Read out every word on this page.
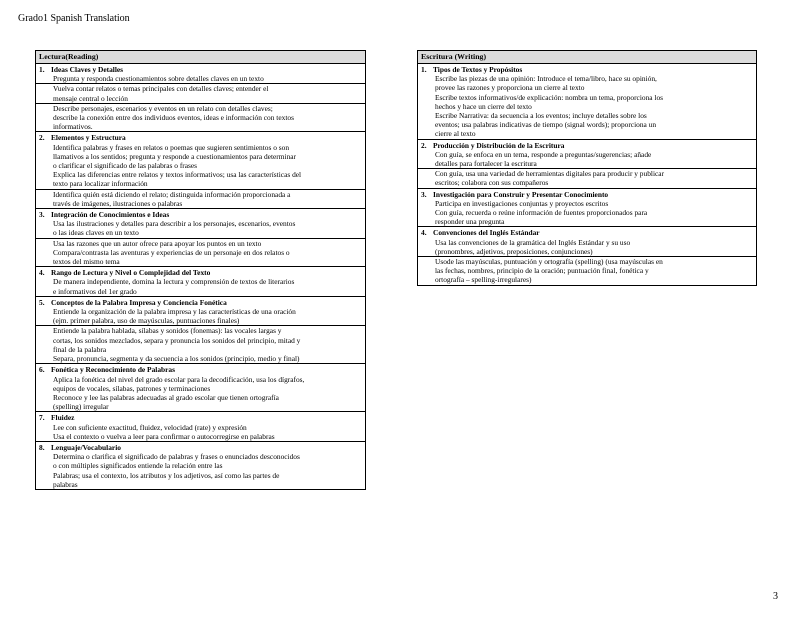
Grado1 Spanish Translation
Lectura(Reading)
1. Ideas Claves y Detalles

Pregunta y responda cuestionamientos sobre detalles claves en un texto

Vuelva contar relatos o temas principales con detalles claves; entender el
mensaje central o lección

Describe personajes, escenarios y eventos en un relato con detalles claves;
describe la conexión entre dos individuos eventos, ideas e información con textos
informativos.

2. Elementos y Estructura

Identifica palabras y frases en relatos o poemas que sugieren sentimientos o son
llamativos a los sentidos; pregunta y responde a cuestionamientos para determinar
o clarificar el significado de las palabras o frases
Explica las diferencias entre relatos y textos informativos; usa las características del
texto para localizar información

Identifica quién está diciendo el relato; distinguida información proporcionada a
través de imágenes, ilustraciones o palabras

3. Integración de Conocimientos e Ideas

Usa las ilustraciones y detalles para describir a los personajes, escenarios, eventos
o las ideas claves en un texto

Usa las razones que un autor ofrece para apoyar los puntos en un texto
Compara/contrasta las aventuras y experiencias de un personaje en dos relatos o
textos del mismo tema

4. Rango de Lectura y Nivel o Complejidad del Texto

De manera independiente, domina la lectura y comprensión de textos de literarios
e informativos del 1er grado

5. Conceptos de la Palabra Impresa y Conciencia Fonética

Entiende la organización de la palabra impresa y las características de una oración
(ejm. primer palabra, uso de mayúsculas, puntuaciones finales)

Entiende la palabra hablada, sílabas y sonidos (fonemas): las vocales largas y
cortas, los sonidos mezclados, separa y pronuncia los sonidos del principio, mitad y
final de la palabra
Separa, pronuncia, segmenta y da secuencia a los sonidos (principio, medio y final)

6. Fonética y Reconocimiento de Palabras

Aplica la fonética del nivel del grado escolar para la decodificación, usa los dígrafos,
equipos de vocales, sílabas, patrones y terminaciones
Reconoce y lee las palabras adecuadas al grado escolar que tienen ortografía
(spelling) irregular

7. Fluidez

Lee con suficiente exactitud, fluidez, velocidad (rate) y expresión
Usa el contexto o vuelva a leer para confirmar o autocorregirse en palabras

8. Lenguaje/Vocabulario

Determina o clarifica el significado de palabras y frases o enunciados desconocidos
o con múltiples significados entiende la relación entre las
Palabras; usa el contexto, los atributos y los adjetivos, así como las partes de
palabras
Escritura (Writing)
1. Tipos de Textos y Propósitos

Escribe las piezas de una opinión: Introduce el tema/libro, hace su opinión,
provee las razones y proporciona un cierre al texto
Escribe textos informativos/de explicación: nombra un tema, proporciona los
hechos y hace un cierre del texto
Escribe Narrativa: da secuencia a los eventos; incluye detalles sobre los
eventos; usa palabras indicativas de tiempo (signal words); proporciona un
cierre al texto

2. Producción y Distribución de la Escritura

Con guía, se enfoca en un tema, responde a preguntas/sugerencias; añade
detalles para fortalecer la escritura

Con guía, usa una variedad de herramientas digitales para producir y publicar
escritos; colabora con sus compañeros

3. Investigación para Construir y Presentar Conocimiento

Participa en investigaciones conjuntas y proyectos escritos
Con guía, recuerda o reúne información de fuentes proporcionados para
responder una pregunta

4. Convenciones del Inglés Estándar

Usa las convenciones de la gramática del Inglés Estándar y su uso
(pronombres, adjetivos, preposiciones, conjunciones)

Usode las mayúsculas, puntuación y ortografía (spelling) (usa mayúsculas en
las fechas, nombres, principio de la oración; puntuación final, fonética y
ortografía – spelling-irregulares)
3
